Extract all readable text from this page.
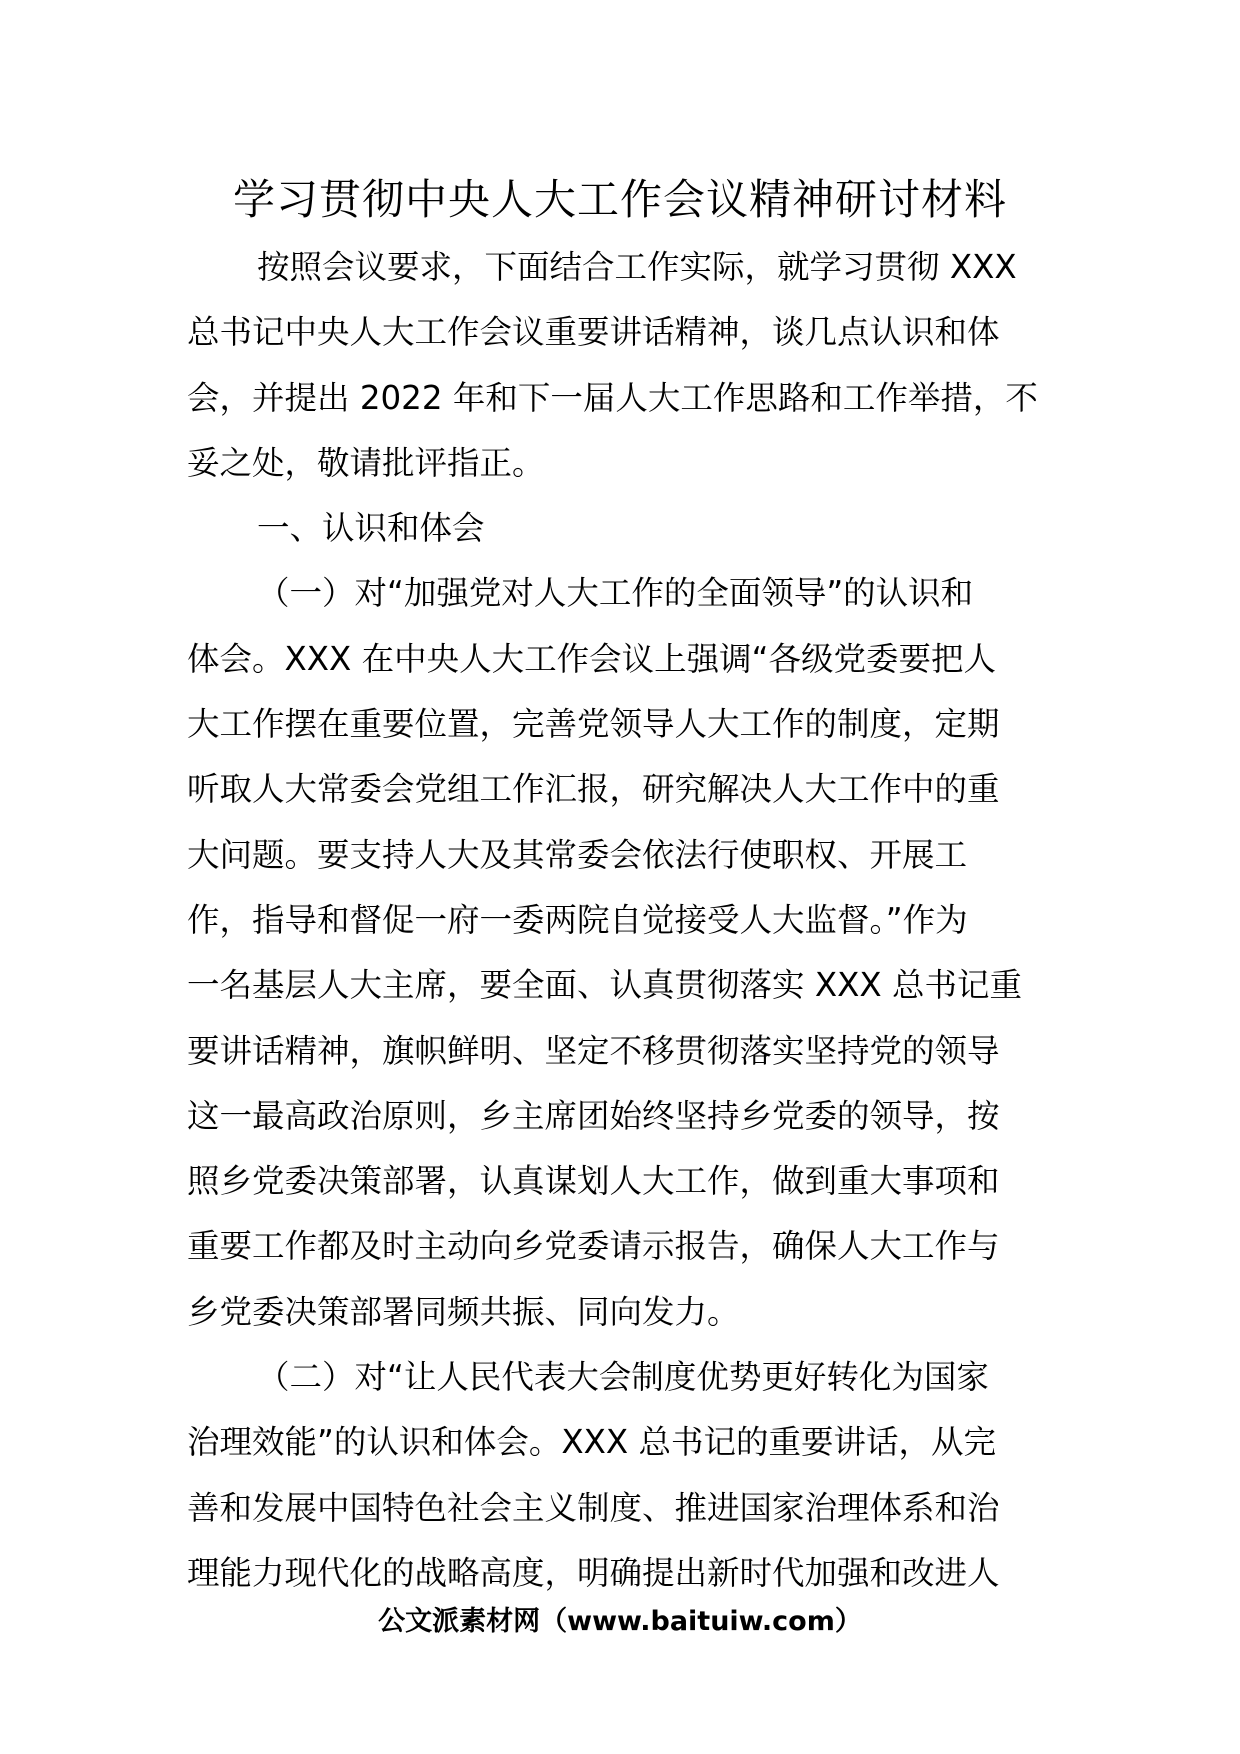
学习贯彻中央人大工作会议精神研讨材料
按照会议要求，下面结合工作实际，就学习贯彻 XXX
总书记中央人大工作会议重要讲话精神，谈几点认识和体
会，并提出 2022 年和下一届人大工作思路和工作举措，不
妥之处，敬请批评指正。
一、认识和体会
（一）对“加强党对人大工作的全面领导”的认识和
体会。XXX 在中央人大工作会议上强调“各级党委要把人
大工作摆在重要位置，完善党领导人大工作的制度，定期
听取人大常委会党组工作汇报，研究解决人大工作中的重
大问题。要支持人大及其常委会依法行使职权、开展工
作，指导和督促一府一委两院自觉接受人大监督。”作为
一名基层人大主席，要全面、认真贯彻落实 XXX 总书记重
要讲话精神，旗帜鲜明、坚定不移贯彻落实坚持党的领导
这一最高政治原则，乡主席团始终坚持乡党委的领导，按
照乡党委决策部署，认真谋划人大工作，做到重大事项和
重要工作都及时主动向乡党委请示报告，确保人大工作与
乡党委决策部署同频共振、同向发力。
（二）对“让人民代表大会制度优势更好转化为国家
治理效能”的认识和体会。XXX 总书记的重要讲话，从完
善和发展中国特色社会主义制度、推进国家治理体系和治
理能力现代化的战略高度，明确提出新时代加强和改进人
公文派素材网（www.baituiw.com）
